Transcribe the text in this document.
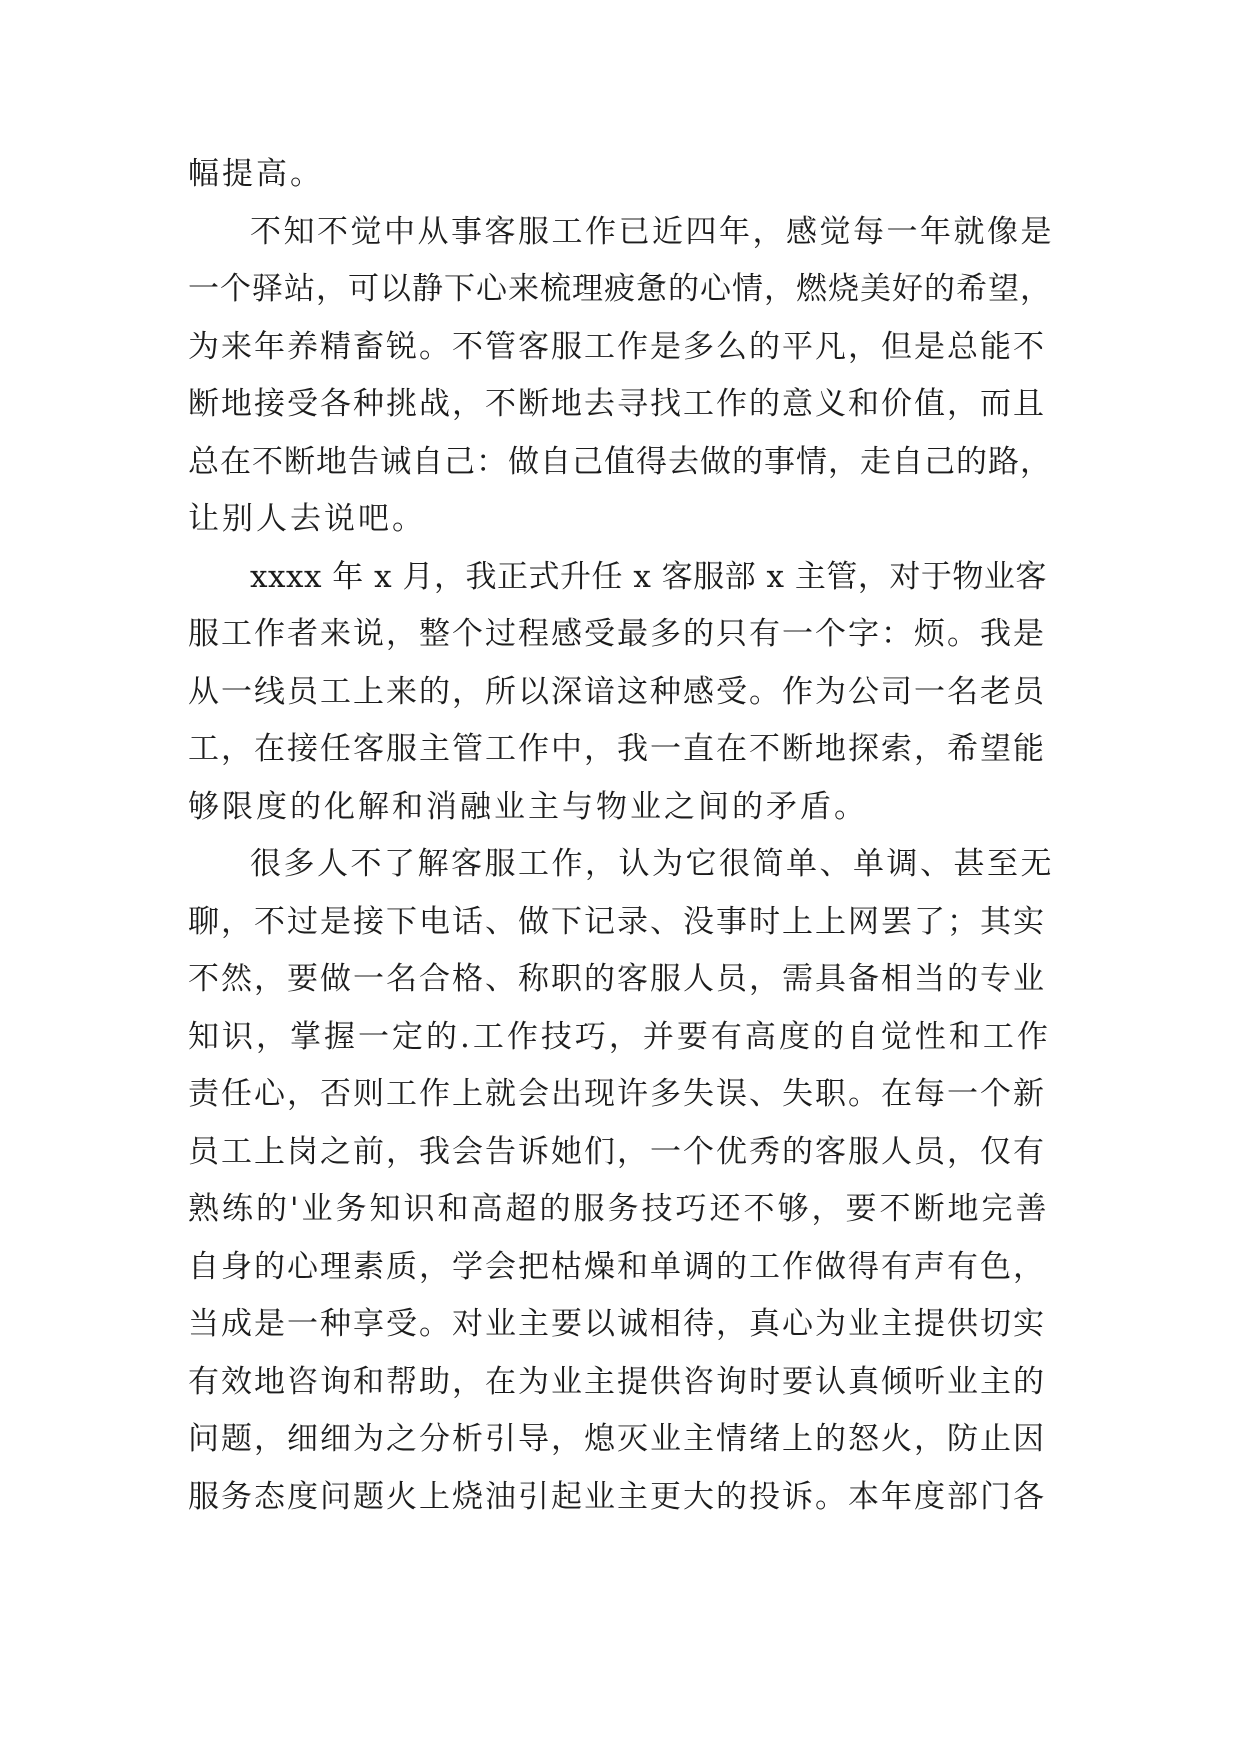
幅提高。
不知不觉中从事客服工作已近四年，感觉每一年就像是
一个驿站，可以静下心来梳理疲惫的心情，燃烧美好的希望，
为来年养精畜锐。不管客服工作是多么的平凡，但是总能不
断地接受各种挑战，不断地去寻找工作的意义和价值，而且
总在不断地告诫自己：做自己值得去做的事情，走自己的路，
让别人去说吧。
xxxx 年 x 月，我正式升任 x 客服部 x 主管，对于物业客
服工作者来说，整个过程感受最多的只有一个字：烦。我是
从一线员工上来的，所以深谙这种感受。作为公司一名老员
工，在接任客服主管工作中，我一直在不断地探索，希望能
够限度的化解和消融业主与物业之间的矛盾。
很多人不了解客服工作，认为它很简单、单调、甚至无
聊，不过是接下电话、做下记录、没事时上上网罢了；其实
不然，要做一名合格、称职的客服人员，需具备相当的专业
知识，掌握一定的.工作技巧，并要有高度的自觉性和工作
责任心，否则工作上就会出现许多失误、失职。在每一个新
员工上岗之前，我会告诉她们，一个优秀的客服人员，仅有
熟练的'业务知识和高超的服务技巧还不够，要不断地完善
自身的心理素质，学会把枯燥和单调的工作做得有声有色，
当成是一种享受。对业主要以诚相待，真心为业主提供切实
有效地咨询和帮助，在为业主提供咨询时要认真倾听业主的
问题，细细为之分析引导，熄灭业主情绪上的怒火，防止因
服务态度问题火上烧油引起业主更大的投诉。本年度部门各
